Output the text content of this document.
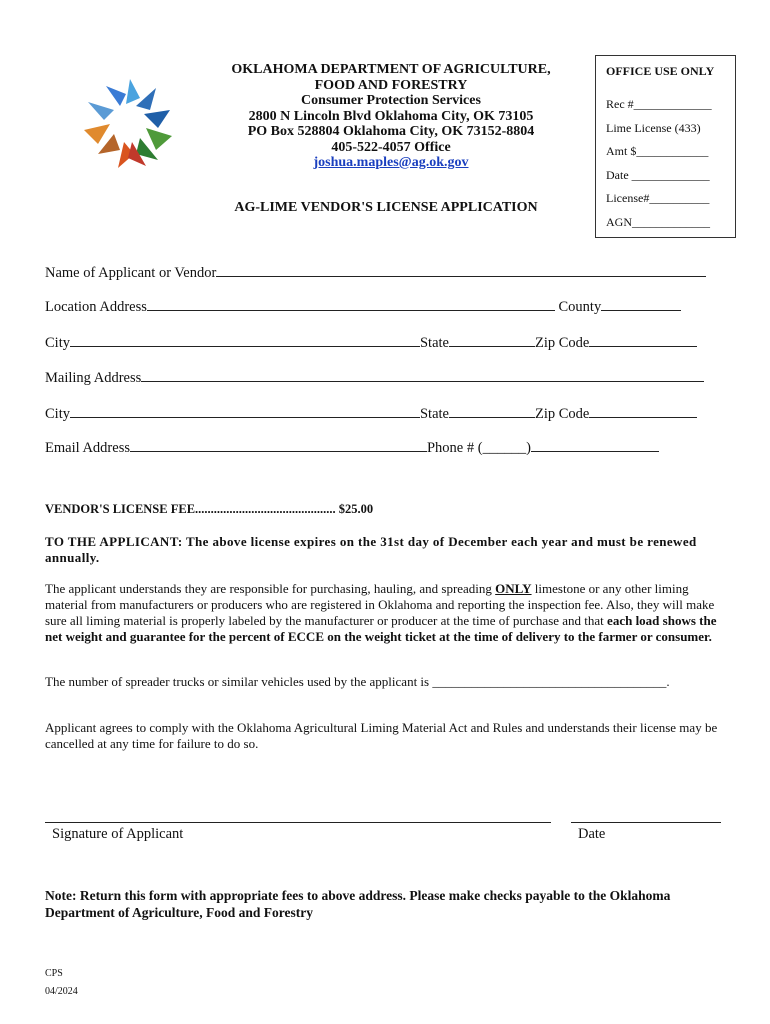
OKLAHOMA DEPARTMENT OF AGRICULTURE,
FOOD AND FORESTRY
Consumer Protection Services
2800 N Lincoln Blvd Oklahoma City, OK 73105
PO Box 528804 Oklahoma City, OK 73152-8804
405-522-4057 Office
joshua.maples@ag.ok.gov
AG-LIME VENDOR'S LICENSE APPLICATION
OFFICE USE ONLY
Rec #_____________
Lime License (433)
Amt $____________
Date _____________
License#__________
AGN_____________
Name of Applicant or Vendor
Location Address	County
City	State	Zip Code
Mailing Address
City	State	Zip Code
Email Address	Phone # (______)
VENDOR'S LICENSE FEE............................................. $25.00
TO THE APPLICANT: The above license expires on the 31st day of December each year and must be renewed annually.
The applicant understands they are responsible for purchasing, hauling, and spreading ONLY limestone or any other liming material from manufacturers or producers who are registered in Oklahoma and reporting the inspection fee. Also, they will make sure all liming material is properly labeled by the manufacturer or producer at the time of purchase and that each load shows the net weight and guarantee for the percent of ECCE on the weight ticket at the time of delivery to the farmer or consumer.
The number of spreader trucks or similar vehicles used by the applicant is ____________________________________.
Applicant agrees to comply with the Oklahoma Agricultural Liming Material Act and Rules and understands their license may be cancelled at any time for failure to do so.
Signature of Applicant	Date
Note: Return this form with appropriate fees to above address. Please make checks payable to the Oklahoma Department of Agriculture, Food and Forestry
CPS
04/2024
